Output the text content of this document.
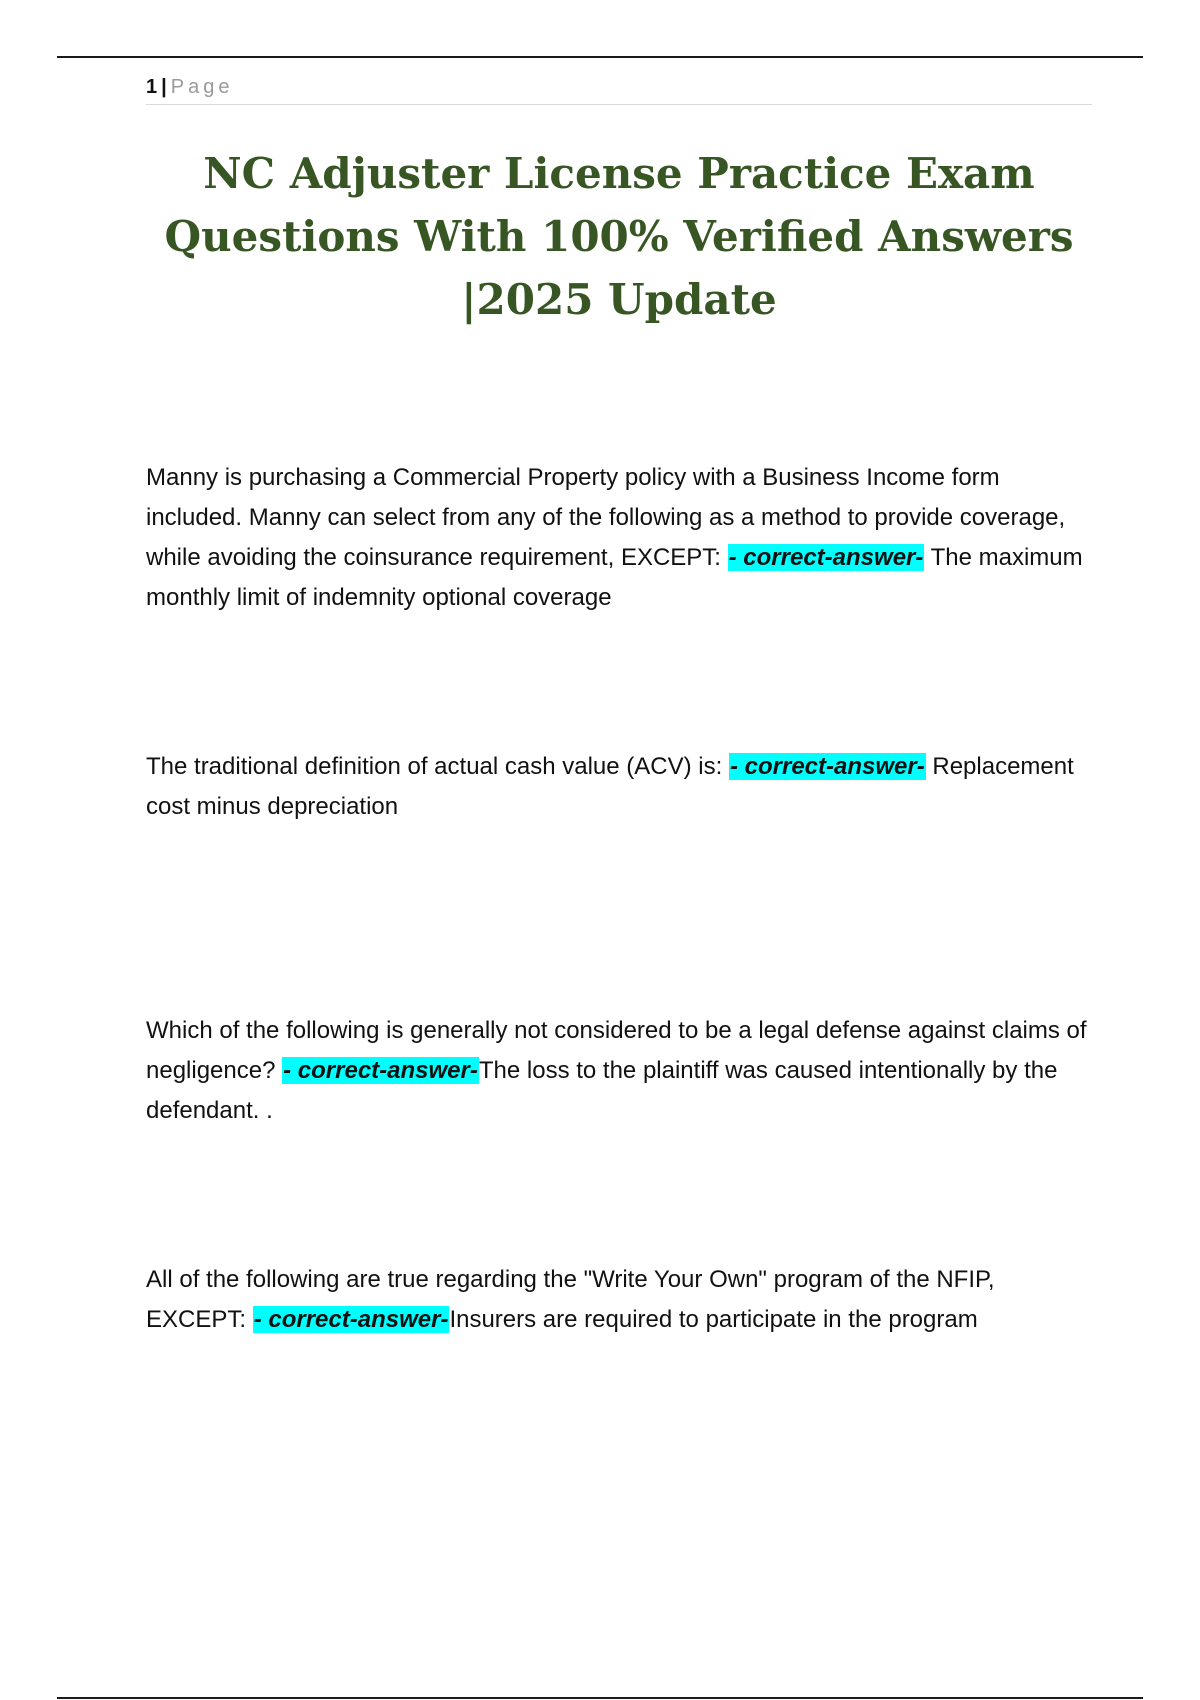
1 | Page
NC Adjuster License Practice Exam Questions With 100% Verified Answers |2025 Update

Manny is purchasing a Commercial Property policy with a Business Income form included. Manny can select from any of the following as a method to provide coverage, while avoiding the coinsurance requirement, EXCEPT: - correct-answer- The maximum monthly limit of indemnity optional coverage

The traditional definition of actual cash value (ACV) is: - correct-answer- Replacement cost minus depreciation

Which of the following is generally not considered to be a legal defense against claims of negligence? - correct-answer-The loss to the plaintiff was caused intentionally by the defendant. .

All of the following are true regarding the "Write Your Own" program of the NFIP, EXCEPT: - correct-answer-Insurers are required to participate in the program
